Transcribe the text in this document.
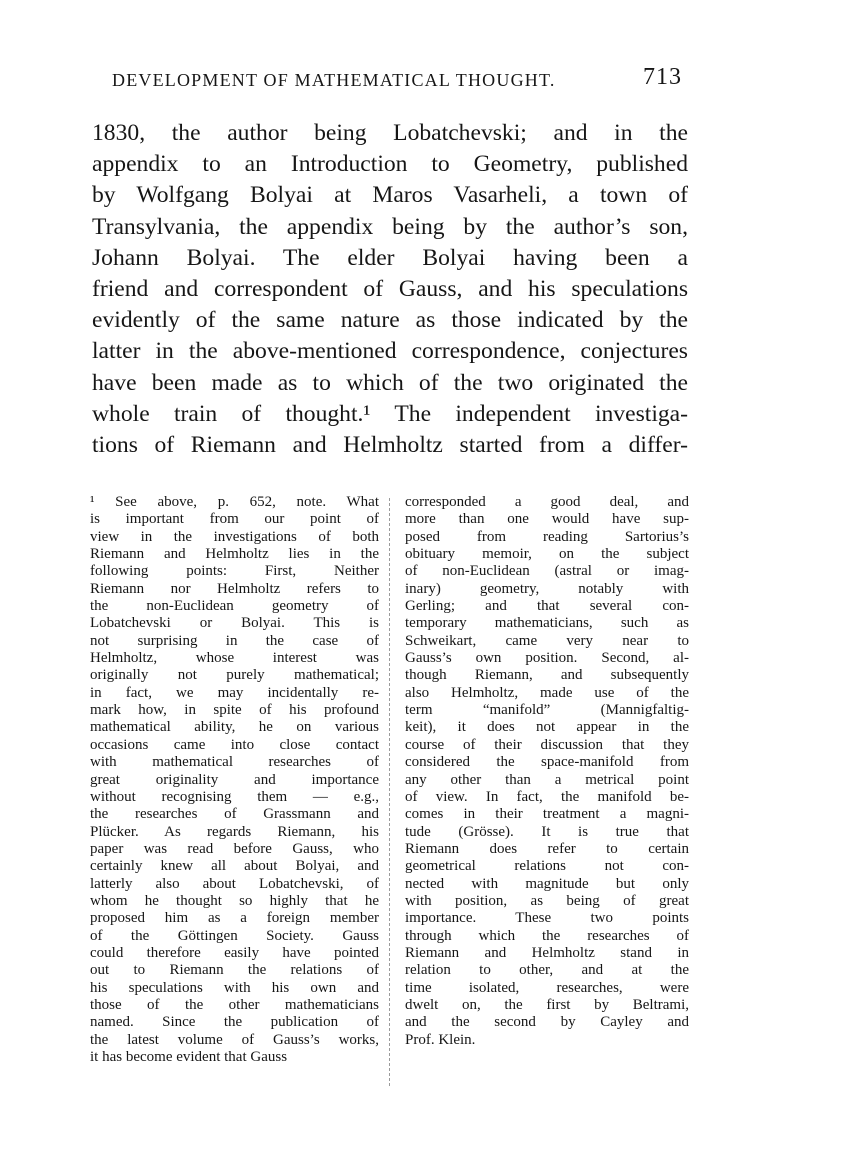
DEVELOPMENT OF MATHEMATICAL THOUGHT.	713
1830, the author being Lobatchevski; and in the
appendix to an Introduction to Geometry, published
by Wolfgang Bolyai at Maros Vasarheli, a town of
Transylvania, the appendix being by the author’s son,
Johann Bolyai. The elder Bolyai having been a
friend and correspondent of Gauss, and his speculations
evidently of the same nature as those indicated by the
latter in the above-mentioned correspondence, conjectures
have been made as to which of the two originated the
whole train of thought.¹ The independent investiga-
tions of Riemann and Helmholtz started from a differ-
¹ See above, p. 652, note. What
is important from our point of
view in the investigations of both
Riemann and Helmholtz lies in the
following points: First, Neither
Riemann nor Helmholtz refers to
the non-Euclidean geometry of
Lobatchevski or Bolyai. This is
not surprising in the case of
Helmholtz, whose interest was
originally not purely mathematical;
in fact, we may incidentally re-
mark how, in spite of his profound
mathematical ability, he on various
occasions came into close contact
with mathematical researches of
great originality and importance
without recognising them — e.g.,
the researches of Grassmann and
Plücker. As regards Riemann, his
paper was read before Gauss, who
certainly knew all about Bolyai, and
latterly also about Lobatchevski, of
whom he thought so highly that he
proposed him as a foreign member
of the Göttingen Society. Gauss
could therefore easily have pointed
out to Riemann the relations of
his speculations with his own and
those of the other mathematicians
named. Since the publication of
the latest volume of Gauss’s works,
it has become evident that Gauss
corresponded a good deal, and
more than one would have sup-
posed from reading Sartorius’s
obituary memoir, on the subject
of non-Euclidean (astral or imag-
inary) geometry, notably with
Gerling; and that several con-
temporary mathematicians, such as
Schweikart, came very near to
Gauss’s own position. Second, al-
though Riemann, and subsequently
also Helmholtz, made use of the
term “manifold” (Mannigfaltig-
keit), it does not appear in the
course of their discussion that they
considered the space-manifold from
any other than a metrical point
of view. In fact, the manifold be-
comes in their treatment a magni-
tude (Grösse). It is true that
Riemann does refer to certain
geometrical relations not con-
nected with magnitude but only
with position, as being of great
importance. These two points
through which the researches of
Riemann and Helmholtz stand in
relation to other, and at the
time isolated, researches, were
dwelt on, the first by Beltrami,
and the second by Cayley and
Prof. Klein.
